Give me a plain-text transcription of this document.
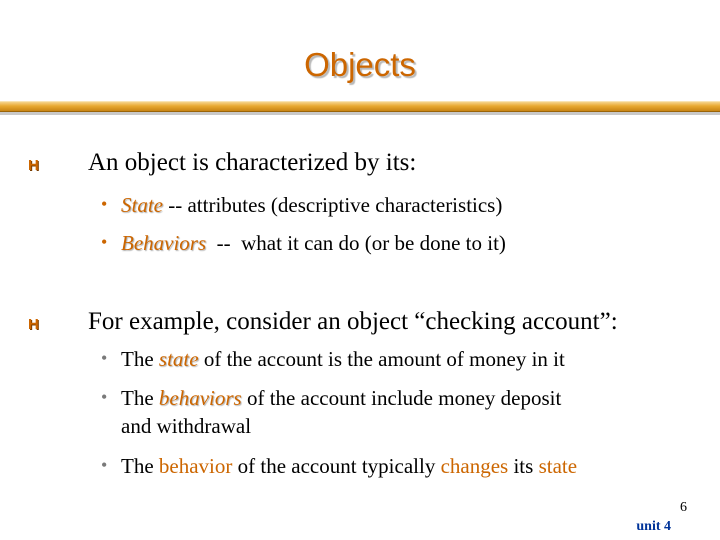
Objects
H An object is characterized by its:
• State -- attributes (descriptive characteristics)
• Behaviors  --  what it can do (or be done to it)
H For example, consider an object “checking account”:
• The state of the account is the amount of money in it
• The behaviors of the account include money deposit
and withdrawal
• The behavior of the account typically changes its state
6
unit 4
